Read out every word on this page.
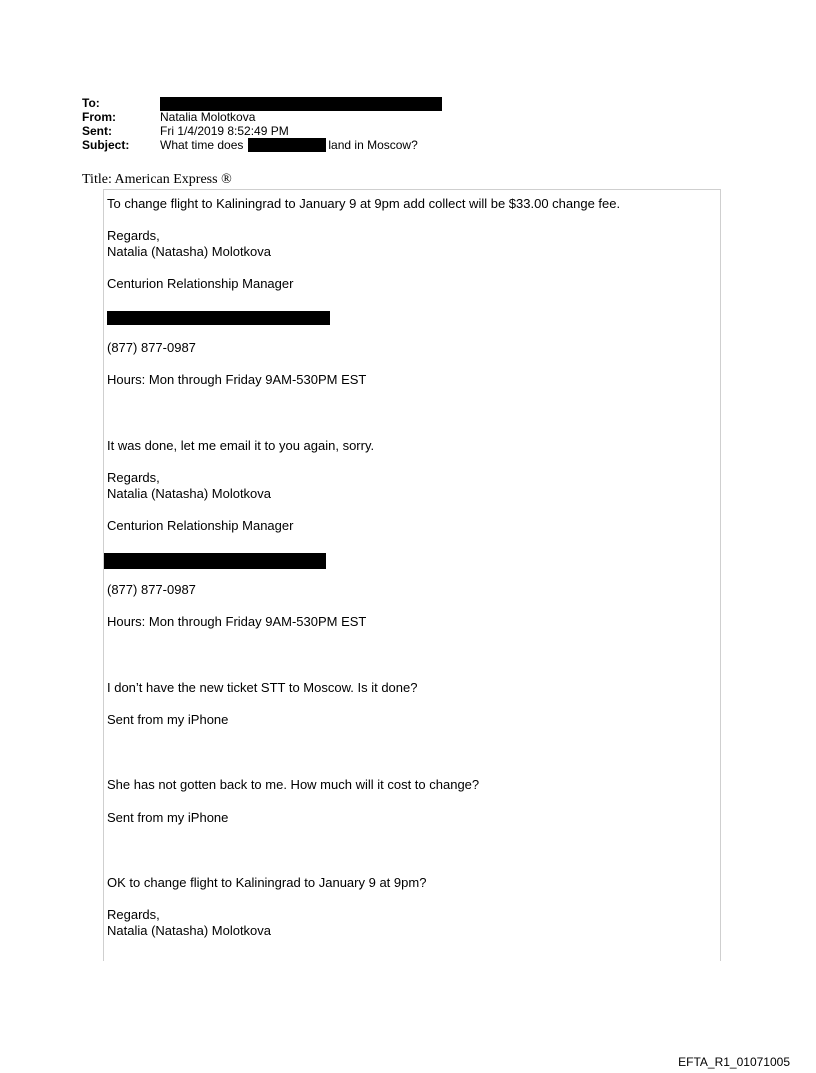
To:
From:	Natalia Molotkova
Sent:	Fri 1/4/2019 8:52:49 PM
Subject:	What time does	land in Moscow?
Title: American Express ®
To change flight to Kaliningrad to January 9 at 9pm add collect will be $33.00 change fee.
Regards,
Natalia (Natasha) Molotkova
Centurion Relationship Manager
(877) 877-0987
Hours: Mon through Friday 9AM-530PM EST
It was done, let me email it to you again, sorry.
Regards,
Natalia (Natasha) Molotkova
Centurion Relationship Manager
(877) 877-0987
Hours: Mon through Friday 9AM-530PM EST
I don’t have the new ticket STT to Moscow. Is it done?
Sent from my iPhone
She has not gotten back to me. How much will it cost to change?
Sent from my iPhone
OK to change flight to Kaliningrad to January 9 at 9pm?
Regards,
Natalia (Natasha) Molotkova
EFTA_R1_01071005
